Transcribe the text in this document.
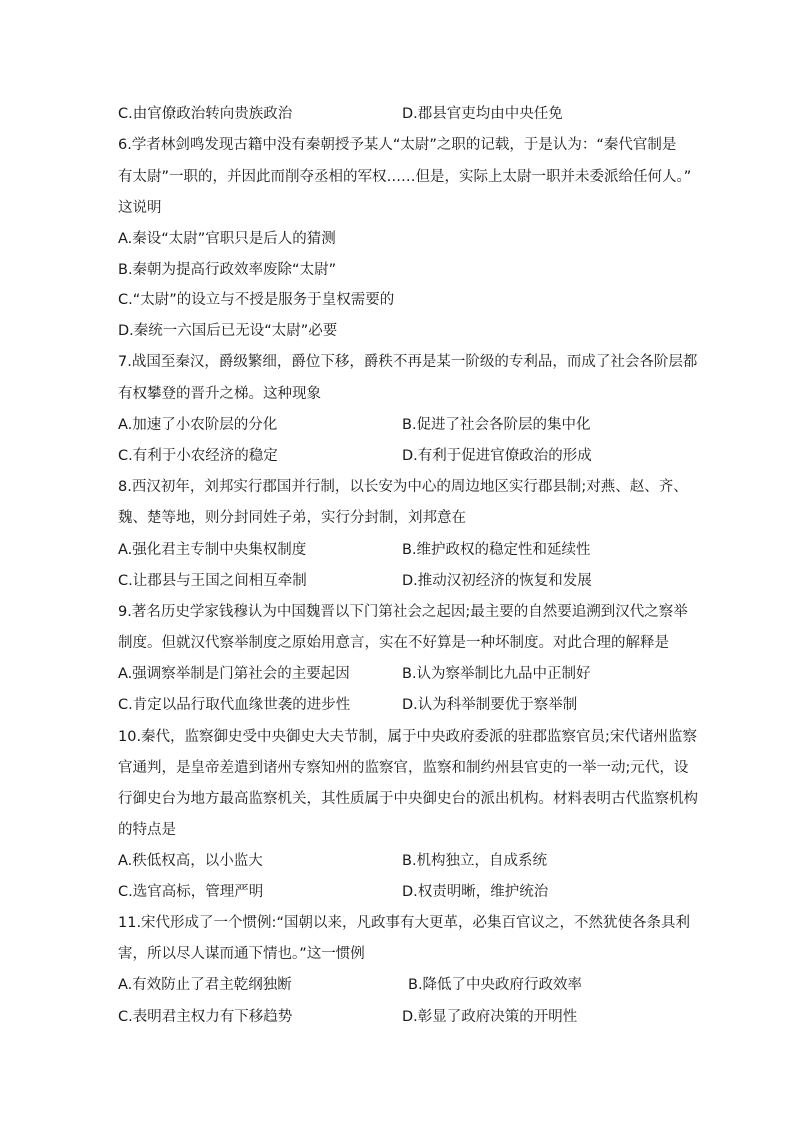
C.由官僚政治转向贵族政治	D.郡县官吏均由中央任免
6.学者林剑鸣发现古籍中没有秦朝授予某人“太尉”之职的记载，于是认为：“秦代官制是
有太尉”一职的，并因此而削夺丞相的军权……但是，实际上太尉一职并未委派给任何人。”
这说明
A.秦设“太尉”官职只是后人的猜测
B.秦朝为提高行政效率废除“太尉”
C.“太尉”的设立与不授是服务于皇权需要的
D.秦统一六国后已无设“太尉”必要
7.战国至秦汉，爵级繁细，爵位下移，爵秩不再是某一阶级的专利品，而成了社会各阶层都
有权攀登的晋升之梯。这种现象
A.加速了小农阶层的分化	B.促进了社会各阶层的集中化
C.有利于小农经济的稳定	D.有利于促进官僚政治的形成
8.西汉初年，刘邦实行郡国并行制，以长安为中心的周边地区实行郡县制;对燕、赵、齐、
魏、楚等地，则分封同姓子弟，实行分封制，刘邦意在
A.强化君主专制中央集权制度	B.维护政权的稳定性和延续性
C.让郡县与王国之间相互牵制	D.推动汉初经济的恢复和发展
9.著名历史学家钱穆认为中国魏晋以下门第社会之起因;最主要的自然要追溯到汉代之察举
制度。但就汉代察举制度之原始用意言，实在不好算是一种坏制度。对此合理的解释是
A.强调察举制是门第社会的主要起因	B.认为察举制比九品中正制好
C.肯定以品行取代血缘世袭的进步性	D.认为科举制要优于察举制
10.秦代，监察御史受中央御史大夫节制，属于中央政府委派的驻郡监察官员;宋代诸州监察
官通判，是皇帝差遣到诸州专察知州的监察官，监察和制约州县官吏的一举一动;元代，设
行御史台为地方最高监察机关，其性质属于中央御史台的派出机构。材料表明古代监察机构
的特点是
A.秩低权高，以小监大	B.机构独立，自成系统
C.选官高标，管理严明	D.权责明晰，维护统治
11.宋代形成了一个惯例:“国朝以来，凡政事有大更革，必集百官议之，不然犹使各条具利
害，所以尽人谋而通下情也。”这一惯例
A.有效防止了君主乾纲独断	B.降低了中央政府行政效率
C.表明君主权力有下移趋势	D.彰显了政府决策的开明性
